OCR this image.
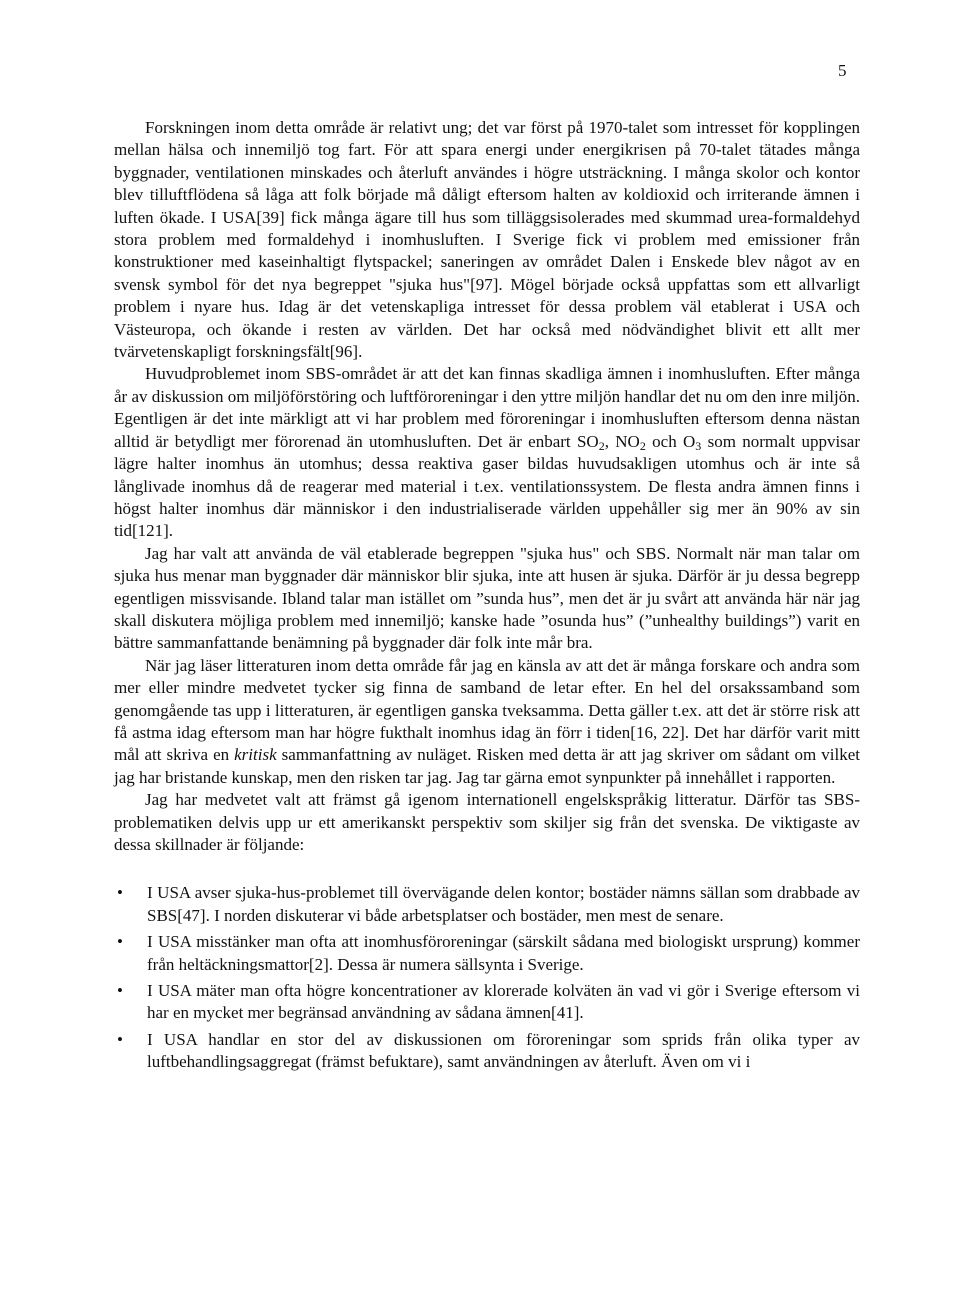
5

Forskningen inom detta område är relativt ung; det var först på 1970-talet som intresset för kopplingen mellan hälsa och innemiljö tog fart. För att spara energi under energikrisen på 70-talet tätades många byggnader, ventilationen minskades och återluft användes i högre utsträckning. I många skolor och kontor blev tilluftflödena så låga att folk började må dåligt eftersom halten av koldioxid och irriterande ämnen i luften ökade. I USA[39] fick många ägare till hus som tilläggsisolerades med skummad urea-formaldehyd stora problem med formaldehyd i inomhusluften. I Sverige fick vi problem med emissioner från konstruktioner med kaseinhaltigt flytspackel; saneringen av området Dalen i Enskede blev något av en svensk symbol för det nya begreppet "sjuka hus"[97]. Mögel började också uppfattas som ett allvarligt problem i nyare hus. Idag är det vetenskapliga intresset för dessa problem väl etablerat i USA och Västeuropa, och ökande i resten av världen. Det har också med nödvändighet blivit ett allt mer tvärvetenskapligt forskningsfält[96].

Huvudproblemet inom SBS-området är att det kan finnas skadliga ämnen i inomhusluften. Efter många år av diskussion om miljöförstöring och luftföroreningar i den yttre miljön handlar det nu om den inre miljön. Egentligen är det inte märkligt att vi har problem med föroreningar i inomhusluften eftersom denna nästan alltid är betydligt mer förorenad än utomhusluften. Det är enbart $SO_2$, $NO_2$ och $O_3$ som normalt uppvisar lägre halter inomhus än utomhus; dessa reaktiva gaser bildas huvudsakligen utomhus och är inte så långlivade inomhus då de reagerar med material i t.ex. ventilationssystem. De flesta andra ämnen finns i högst halter inomhus där människor i den industrialiserade världen uppehåller sig mer än 90% av sin tid[121].

Jag har valt att använda de väl etablerade begreppen "sjuka hus" och SBS. Normalt när man talar om sjuka hus menar man byggnader där människor blir sjuka, inte att husen är sjuka. Därför är ju dessa begrepp egentligen missvisande. Ibland talar man istället om ”sunda hus”, men det är ju svårt att använda här när jag skall diskutera möjliga problem med innemiljö; kanske hade ”osunda hus” (”unhealthy buildings”) varit en bättre sammanfattande benämning på byggnader där folk inte mår bra.

När jag läser litteraturen inom detta område får jag en känsla av att det är många forskare och andra som mer eller mindre medvetet tycker sig finna de samband de letar efter. En hel del orsakssamband som genomgående tas upp i litteraturen, är egentligen ganska tveksamma. Detta gäller t.ex. att det är större risk att få astma idag eftersom man har högre fukthalt inomhus idag än förr i tiden[16, 22]. Det har därför varit mitt mål att skriva en kritisk sammanfattning av nuläget. Risken med detta är att jag skriver om sådant om vilket jag har bristande kunskap, men den risken tar jag. Jag tar gärna emot synpunkter på innehållet i rapporten.

Jag har medvetet valt att främst gå igenom internationell engelskspråkig litteratur. Därför tas SBS-problematiken delvis upp ur ett amerikanskt perspektiv som skiljer sig från det svenska. De viktigaste av dessa skillnader är följande:

• I USA avser sjuka-hus-problemet till övervägande delen kontor; bostäder nämns sällan som drabbade av SBS[47]. I norden diskuterar vi både arbetsplatser och bostäder, men mest de senare.
• I USA misstänker man ofta att inomhusföroreningar (särskilt sådana med biologiskt ursprung) kommer från heltäckningsmattor[2]. Dessa är numera sällsynta i Sverige.
• I USA mäter man ofta högre koncentrationer av klorerade kolväten än vad vi gör i Sverige eftersom vi har en mycket mer begränsad användning av sådana ämnen[41].
• I USA handlar en stor del av diskussionen om föroreningar som sprids från olika typer av luftbehandlingsaggregat (främst befuktare), samt användningen av återluft. Även om vi i
